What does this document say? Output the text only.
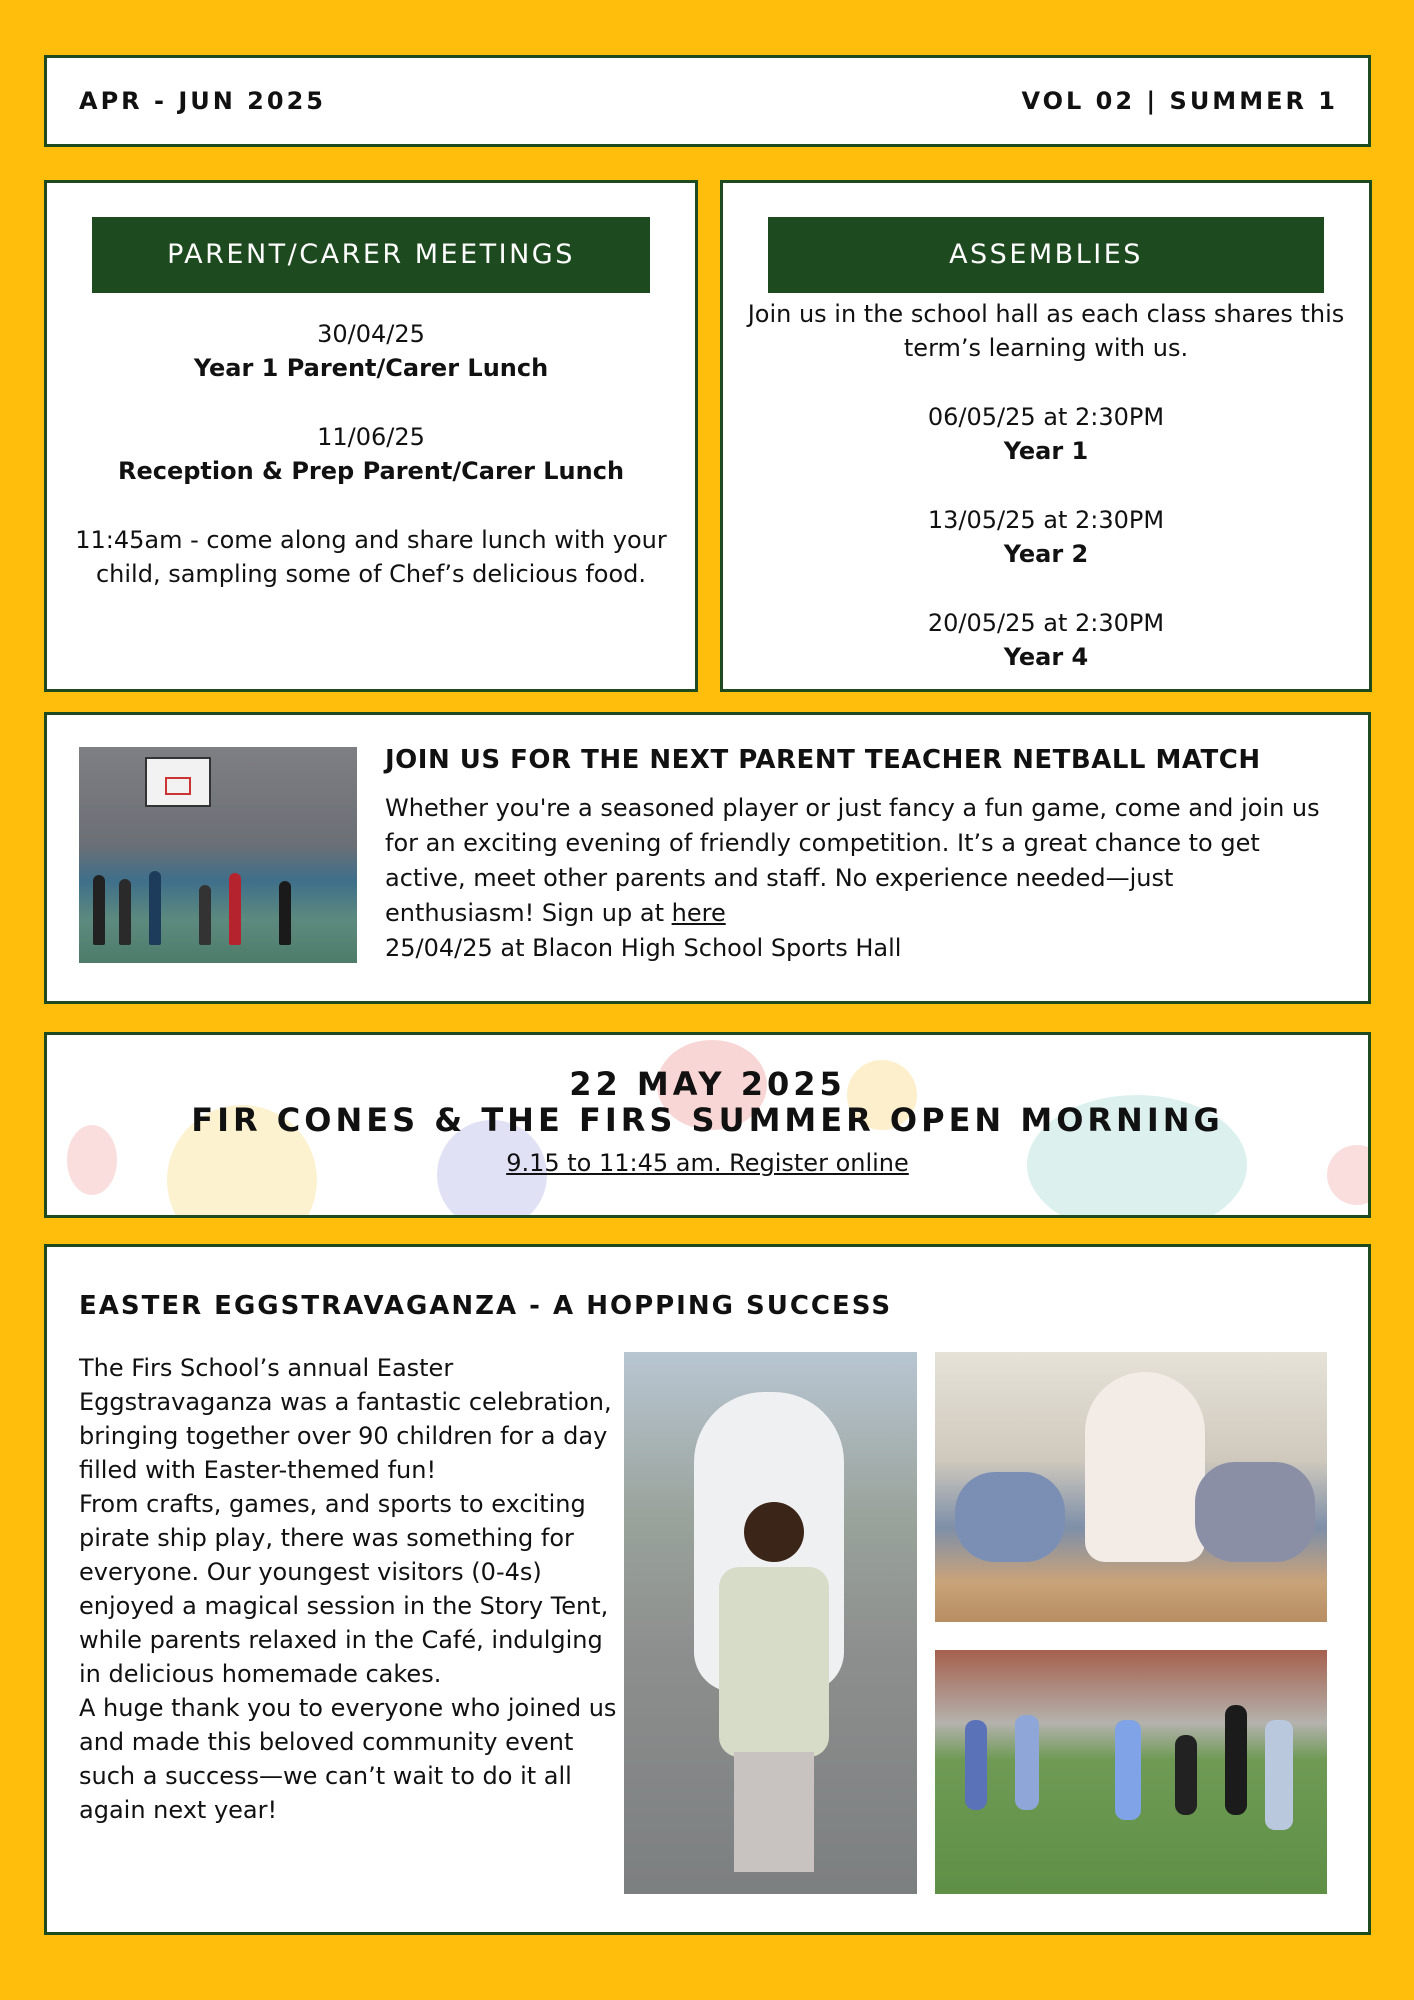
APR - JUN 2025	VOL 02 | SUMMER 1
PARENT/CARER MEETINGS

30/04/25

Year 1 Parent/Carer Lunch

11/06/25

Reception & Prep Parent/Carer Lunch

11:45am - come along and share lunch with your child, sampling some of Chef’s delicious food.

ASSEMBLIES

Join us in the school hall as each class shares this term’s learning with us.

06/05/25 at 2:30PM

Year 1

13/05/25 at 2:30PM

Year 2

20/05/25 at 2:30PM

Year 4

JOIN US FOR THE NEXT PARENT TEACHER NETBALL MATCH
Whether you're a seasoned player or just fancy a fun game, come and join us for an exciting evening of friendly competition. It’s a great chance to get active, meet other parents and staff. No experience needed—just enthusiasm! Sign up at here
25/04/25 at Blacon High School Sports Hall
22 MAY 2025
FIR CONES & THE FIRS SUMMER OPEN MORNING
9.15 to 11:45 am. Register online
EASTER EGGSTRAVAGANZA - A HOPPING SUCCESS

The Firs School’s annual Easter Eggstravaganza was a fantastic celebration, bringing together over 90 children for a day filled with Easter-themed fun!

From crafts, games, and sports to exciting pirate ship play, there was something for everyone. Our youngest visitors (0-4s) enjoyed a magical session in the Story Tent, while parents relaxed in the Café, indulging in delicious homemade cakes.

A huge thank you to everyone who joined us and made this beloved community event such a success—we can’t wait to do it all again next year!
